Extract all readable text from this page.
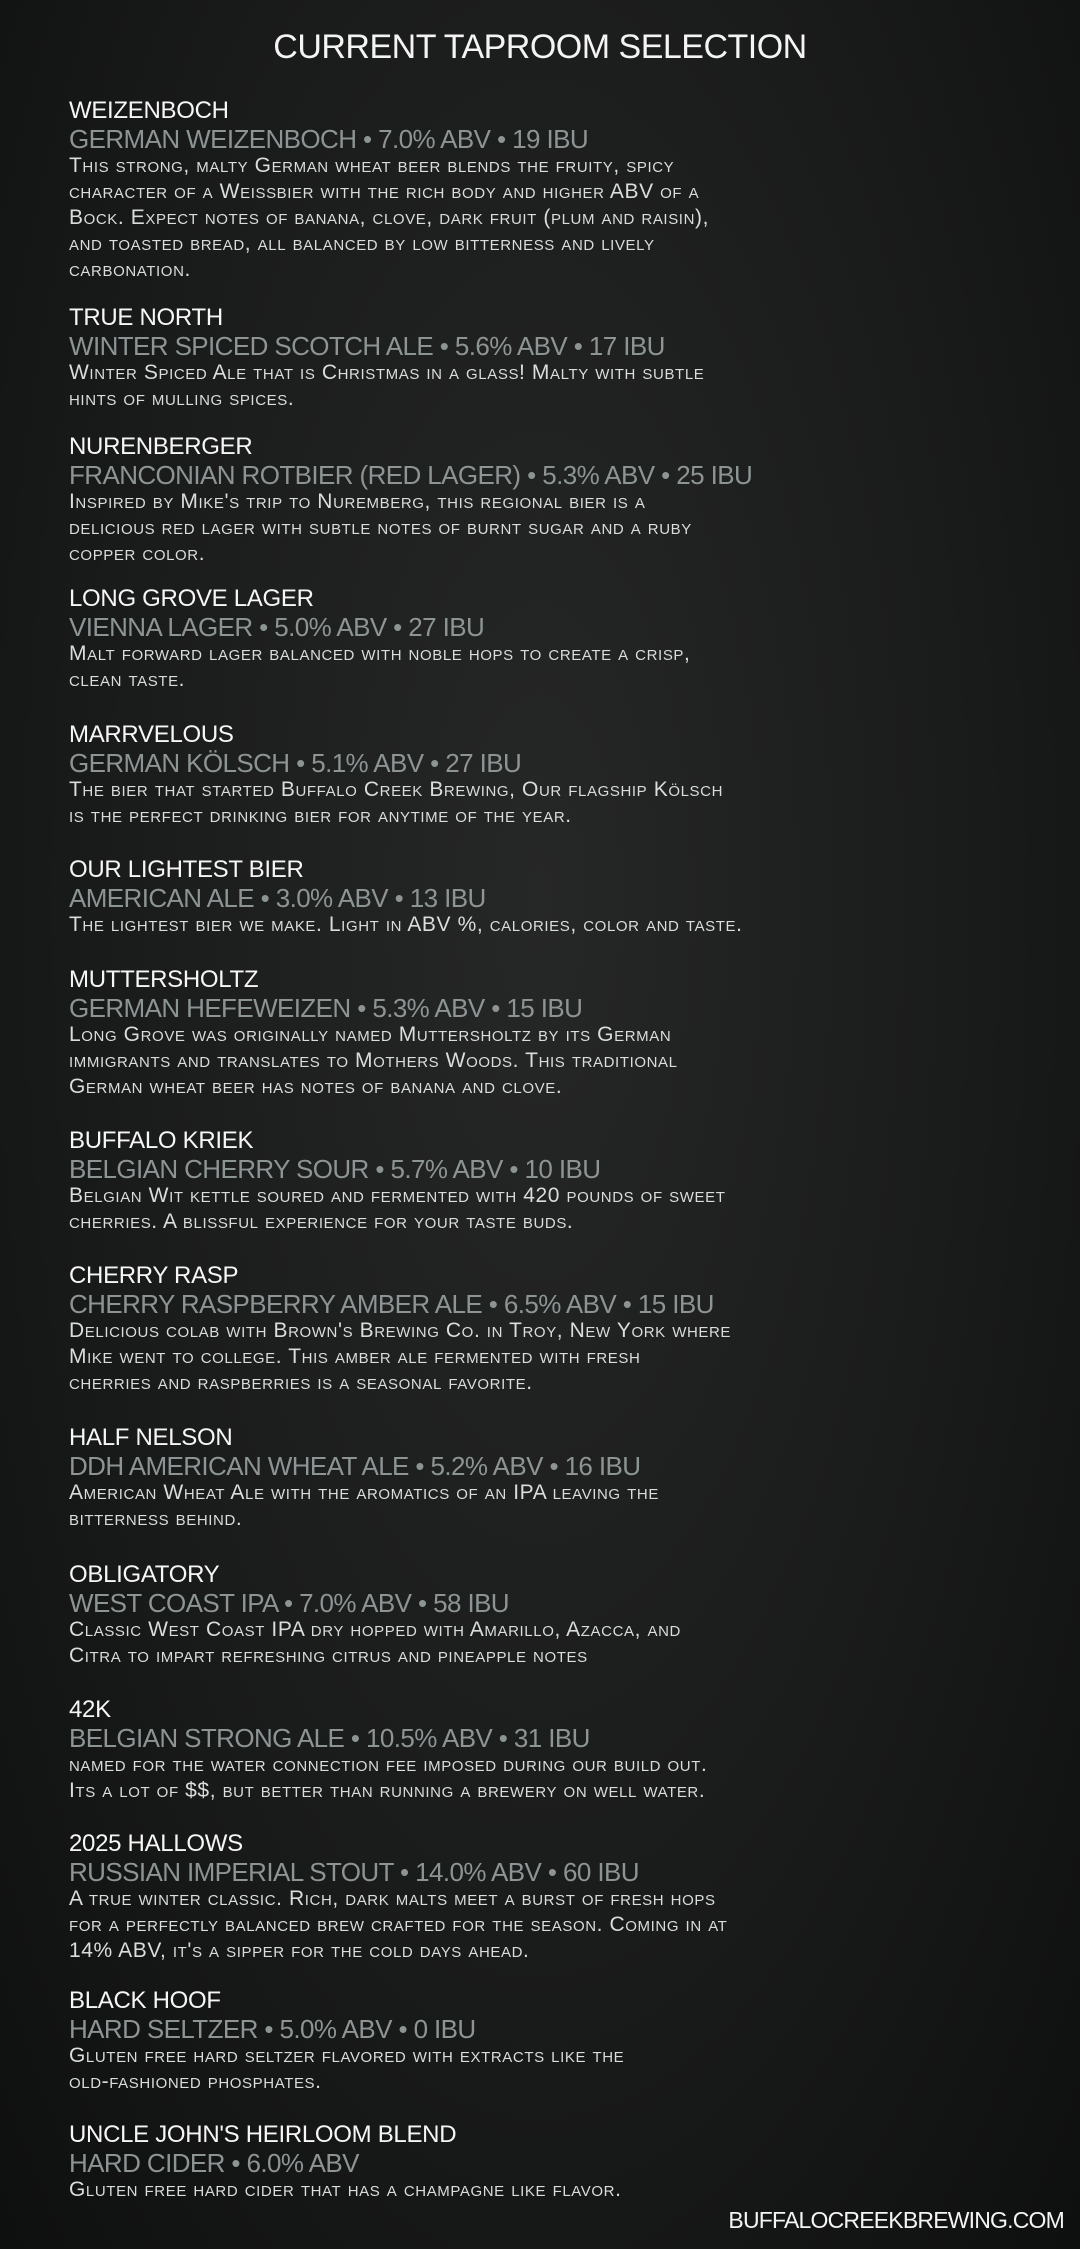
CURRENT TAPROOM SELECTION
WEIZENBOCH
GERMAN WEIZENBOCH • 7.0% ABV • 19 IBU
This strong, malty German wheat beer blends the fruity, spicy
character of a Weissbier with the rich body and higher ABV of a
Bock. Expect notes of banana, clove, dark fruit (plum and raisin),
and toasted bread, all balanced by low bitterness and lively
carbonation.
TRUE NORTH
WINTER SPICED SCOTCH ALE • 5.6% ABV • 17 IBU
Winter Spiced Ale that is Christmas in a glass! Malty with subtle
hints of mulling spices.
NURENBERGER
FRANCONIAN ROTBIER (RED LAGER) • 5.3% ABV • 25 IBU
Inspired by Mike's trip to Nuremberg, this regional bier is a
delicious red lager with subtle notes of burnt sugar and a ruby
copper color.
LONG GROVE LAGER
VIENNA LAGER • 5.0% ABV • 27 IBU
Malt forward lager balanced with noble hops to create a crisp,
clean taste.
MARRVELOUS
GERMAN KÖLSCH • 5.1% ABV • 27 IBU
The bier that started Buffalo Creek Brewing, Our flagship Kölsch
is the perfect drinking bier for anytime of the year.
OUR LIGHTEST BIER
AMERICAN ALE • 3.0% ABV • 13 IBU
The lightest bier we make. Light in ABV %, calories, color and taste.
MUTTERSHOLTZ
GERMAN HEFEWEIZEN • 5.3% ABV • 15 IBU
Long Grove was originally named Muttersholtz by its German
immigrants and translates to Mothers Woods. This traditional
German wheat beer has notes of banana and clove.
BUFFALO KRIEK
BELGIAN CHERRY SOUR • 5.7% ABV • 10 IBU
Belgian Wit kettle soured and fermented with 420 pounds of sweet
cherries. A blissful experience for your taste buds.
CHERRY RASP
CHERRY RASPBERRY AMBER ALE • 6.5% ABV • 15 IBU
Delicious colab with Brown's Brewing Co. in Troy, New York where
Mike went to college. This amber ale fermented with fresh
cherries and raspberries is a seasonal favorite.
HALF NELSON
DDH AMERICAN WHEAT ALE • 5.2% ABV • 16 IBU
American Wheat Ale with the aromatics of an IPA leaving the
bitterness behind.
OBLIGATORY
WEST COAST IPA • 7.0% ABV • 58 IBU
Classic West Coast IPA dry hopped with Amarillo, Azacca, and
Citra to impart refreshing citrus and pineapple notes
42K
BELGIAN STRONG ALE • 10.5% ABV • 31 IBU
named for the water connection fee imposed during our build out.
Its a lot of $$, but better than running a brewery on well water.
2025 HALLOWS
RUSSIAN IMPERIAL STOUT • 14.0% ABV • 60 IBU
A true winter classic. Rich, dark malts meet a burst of fresh hops
for a perfectly balanced brew crafted for the season. Coming in at
14% ABV, it's a sipper for the cold days ahead.
BLACK HOOF
HARD SELTZER • 5.0% ABV • 0 IBU
Gluten free hard seltzer flavored with extracts like the
old-fashioned phosphates.
UNCLE JOHN'S HEIRLOOM BLEND
HARD CIDER • 6.0% ABV
Gluten free hard cider that has a champagne like flavor.
BUFFALOCREEKBREWING.COM
